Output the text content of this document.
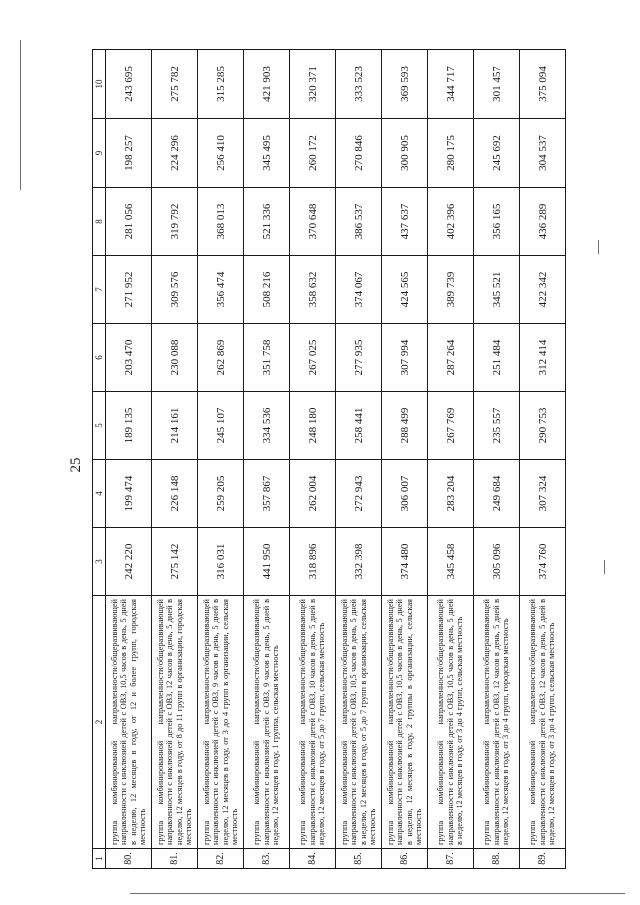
25
1	2	3	4	5	6	7	8	9	10
80.	группа комбинированной направленности/общеразвивающей направленности с инклюзией детей с ОВЗ, 10,5 часов в день, 5 дней в неделю, 12 месяцев в году, от 12 и более групп, городская местность	242 220	199 474	189 135	203 470	271 952	281 056	198 257	243 695
81.	группа комбинированной направленности/общеразвивающей направленности с инклюзией детей с ОВЗ, 12 часов в день, 5 дней в неделю, 12 месяцев в году, от 8 до 11 групп в организации, городская местность	275 142	226 148	214 161	230 088	309 576	319 792	224 296	275 782
82.	группа комбинированной направленности/общеразвивающей направленности с инклюзией детей с ОВЗ, 9 часов в день, 5 дней в неделю, 12 месяцев в году, от 3 до 4 групп в организации, сельская местность	316 031	259 205	245 107	262 869	356 474	368 013	256 410	315 285
83.	группа комбинированной направленности/общеразвивающей направленности с инклюзией детей с ОВЗ, 9 часов в день, 5 дней в неделю, 12 месяцев в году, 1 группа, сельская местность	441 950	357 867	334 536	351 758	508 216	521 336	345 495	421 903
84.	группа комбинированной направленности/общеразвивающей направленности с инклюзией детей с ОВЗ, 10 часов в день, 5 дней в неделю, 12 месяцев в году, от 5 до 7 групп, сельская местность	318 896	262 004	248 180	267 025	358 632	370 648	260 172	320 371
85.	группа комбинированной направленности/общеразвивающей направленности с инклюзией детей с ОВЗ, 10,5 часов в день, 5 дней в неделю, 12 месяцев в году, от 5 до 7 групп в организации, сельская местность	332 398	272 943	258 441	277 935	374 067	386 537	270 846	333 523
86.	группа комбинированной направленности/общеразвивающей направленности с инклюзией детей с ОВЗ, 10,5 часов в день, 5 дней в неделю, 12 месяцев в году, 2 группы в организации, сельская местность	374 480	306 007	288 499	307 994	424 565	437 637	300 905	369 593
87.	группа комбинированной направленности/общеразвивающей направленности с инклюзией детей с ОВЗ, 10,5 часов в день, 5 дней в неделю, 12 месяцев в году, от 3 до 4 групп, сельская местность	345 458	283 204	267 769	287 264	389 739	402 396	280 175	344 717
88.	группа комбинированной направленности/общеразвивающей направленности с инклюзией детей с ОВЗ, 12 часов в день, 5 дней в неделю, 12 месяцев в году, от 3 до 4 групп, городская местность	305 096	249 684	235 557	251 484	345 521	356 165	245 692	301 457
89.	группа комбинированной направленности/общеразвивающей направленности с инклюзией детей с ОВЗ, 12 часов в день, 5 дней в неделю, 12 месяцев в году, от 3 до 4 групп, сельская местность	374 760	307 324	290 753	312 414	422 342	436 289	304 537	375 094
